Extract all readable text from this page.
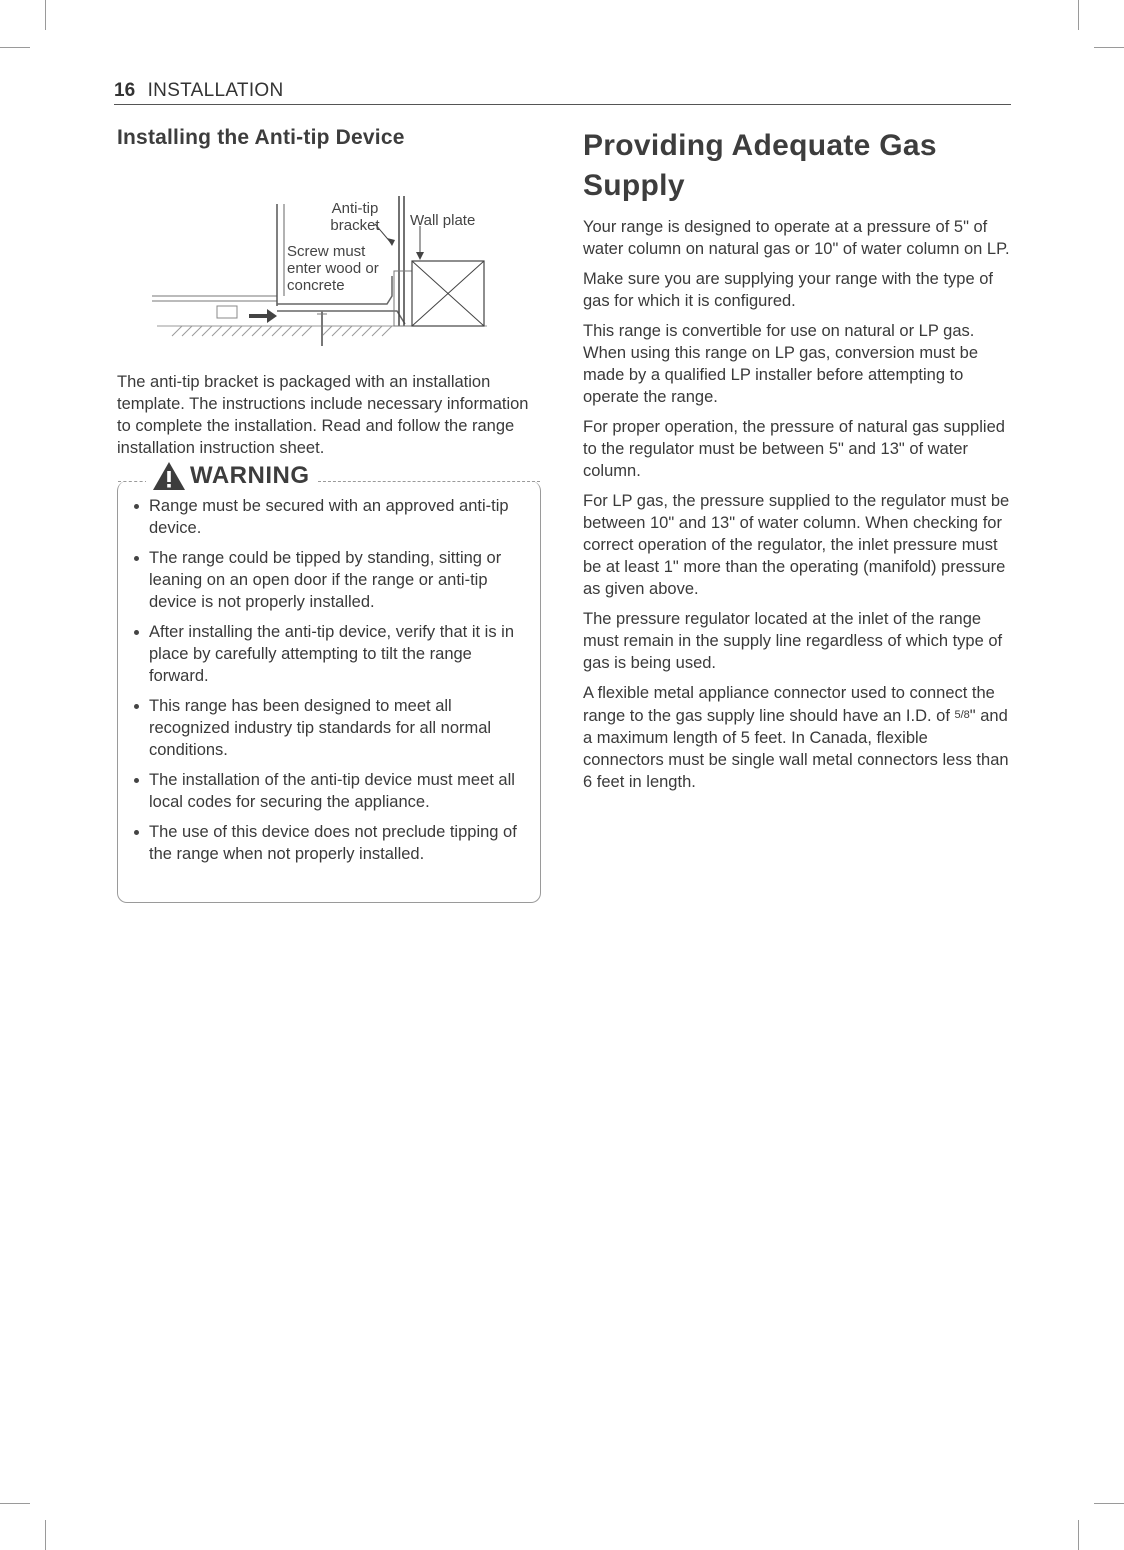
16 INSTALLATION
Installing the Anti-tip Device
Anti-tip
bracket	Wall plate
Screw must
enter wood or
concrete

The anti-tip bracket is packaged with an installation template. The instructions include necessary information to complete the installation. Read and follow the range installation instruction sheet.

WARNING
Range must be secured with an approved anti-tip device.
The range could be tipped by standing, sitting or leaning on an open door if the range or anti-tip device is not properly installed.
After installing the anti-tip device, verify that it is in place by carefully attempting to tilt the range forward.
This range has been designed to meet all recognized industry tip standards for all normal conditions.
The installation of the anti-tip device must meet all local codes for securing the appliance.
The use of this device does not preclude tipping of the range when not properly installed.
Providing Adequate Gas
Supply

Your range is designed to operate at a pressure of 5" of water column on natural gas or 10" of water column on LP.

Make sure you are supplying your range with the type of gas for which it is configured.

This range is convertible for use on natural or LP gas. When using this range on LP gas, conversion must be made by a qualified LP installer before attempting to operate the range.

For proper operation, the pressure of natural gas supplied to the regulator must be between 5" and 13" of water column.

For LP gas, the pressure supplied to the regulator must be between 10" and 13" of water column. When checking for correct operation of the regulator, the inlet pressure must be at least 1" more than the operating (manifold) pressure as given above.

The pressure regulator located at the inlet of the range must remain in the supply line regardless of which type of gas is being used.

A flexible metal appliance connector used to connect the range to the gas supply line should have an I.D. of 5/8" and a maximum length of 5 feet. In Canada, flexible connectors must be single wall metal connectors less than 6 feet in length.
